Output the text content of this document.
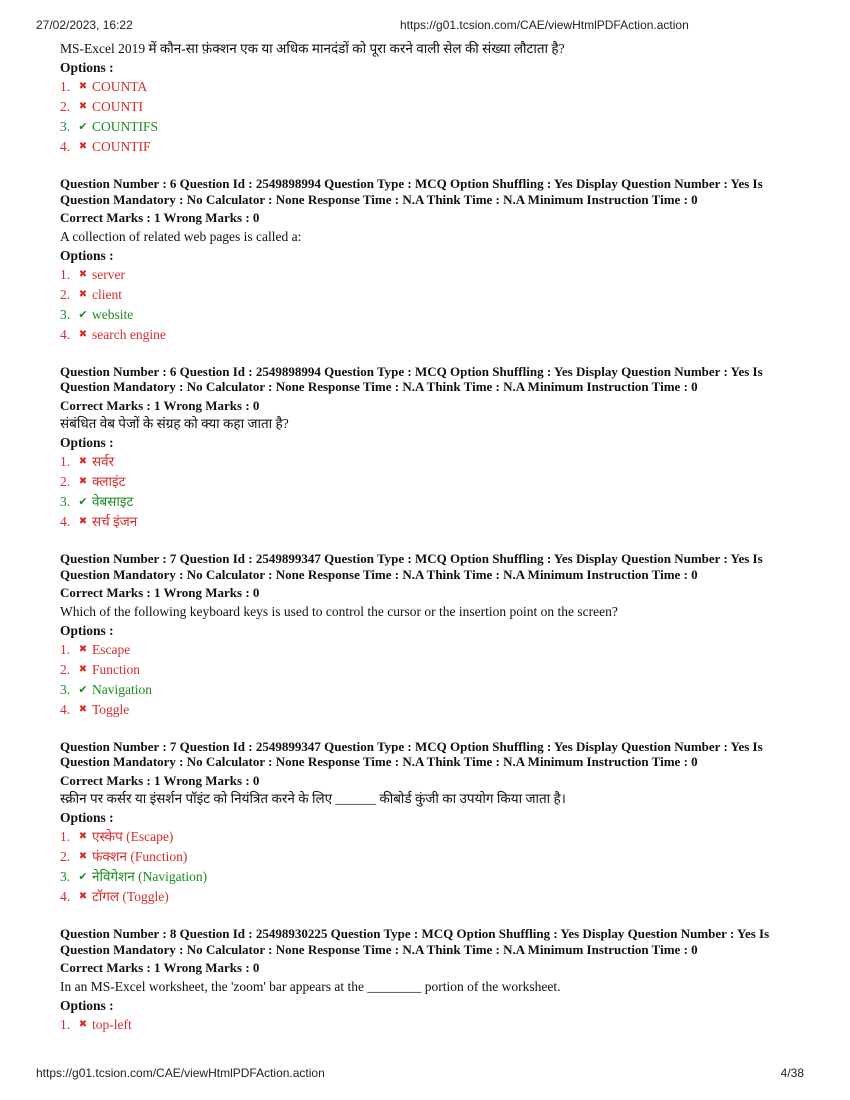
27/02/2023, 16:22	https://g01.tcsion.com/CAE/viewHtmlPDFAction.action

MS-Excel 2019 में कौन-सा फ़ंक्शन एक या अधिक मानदंडों को पूरा करने वाली सेल की संख्या लौटाता है?

Options :
1. ✖ COUNTA
2. ✖ COUNTI
3. ✔ COUNTIFS
4. ✖ COUNTIF

Question Number : 6 Question Id : 2549898994 Question Type : MCQ Option Shuffling : Yes Display Question Number : Yes Is

Question Mandatory : No Calculator : None Response Time : N.A Think Time : N.A Minimum Instruction Time : 0

Correct Marks : 1 Wrong Marks : 0

A collection of related web pages is called a:

Options :
1. ✖ server
2. ✖ client
3. ✔ website
4. ✖ search engine

Question Number : 6 Question Id : 2549898994 Question Type : MCQ Option Shuffling : Yes Display Question Number : Yes Is

Question Mandatory : No Calculator : None Response Time : N.A Think Time : N.A Minimum Instruction Time : 0

Correct Marks : 1 Wrong Marks : 0

संबंधित वेब पेजों के संग्रह को क्या कहा जाता है?

Options :
1. ✖ सर्वर
2. ✖ क्लाइंट
3. ✔ वेबसाइट
4. ✖ सर्च इंजन

Question Number : 7 Question Id : 2549899347 Question Type : MCQ Option Shuffling : Yes Display Question Number : Yes Is

Question Mandatory : No Calculator : None Response Time : N.A Think Time : N.A Minimum Instruction Time : 0

Correct Marks : 1 Wrong Marks : 0

Which of the following keyboard keys is used to control the cursor or the insertion point on the screen?

Options :
1. ✖ Escape
2. ✖ Function
3. ✔ Navigation
4. ✖ Toggle

Question Number : 7 Question Id : 2549899347 Question Type : MCQ Option Shuffling : Yes Display Question Number : Yes Is

Question Mandatory : No Calculator : None Response Time : N.A Think Time : N.A Minimum Instruction Time : 0

Correct Marks : 1 Wrong Marks : 0

स्क्रीन पर कर्सर या इंसर्शन पॉइंट को नियंत्रित करने के लिए ______ कीबोर्ड कुंजी का उपयोग किया जाता है।

Options :
1. ✖ एस्केप (Escape)
2. ✖ फंक्शन (Function)
3. ✔ नेविगेशन (Navigation)
4. ✖ टॉगल (Toggle)

Question Number : 8 Question Id : 25498930225 Question Type : MCQ Option Shuffling : Yes Display Question Number : Yes Is

Question Mandatory : No Calculator : None Response Time : N.A Think Time : N.A Minimum Instruction Time : 0

Correct Marks : 1 Wrong Marks : 0

In an MS-Excel worksheet, the 'zoom' bar appears at the ________ portion of the worksheet.

Options :
1. ✖ top-left
https://g01.tcsion.com/CAE/viewHtmlPDFAction.action	4/38
